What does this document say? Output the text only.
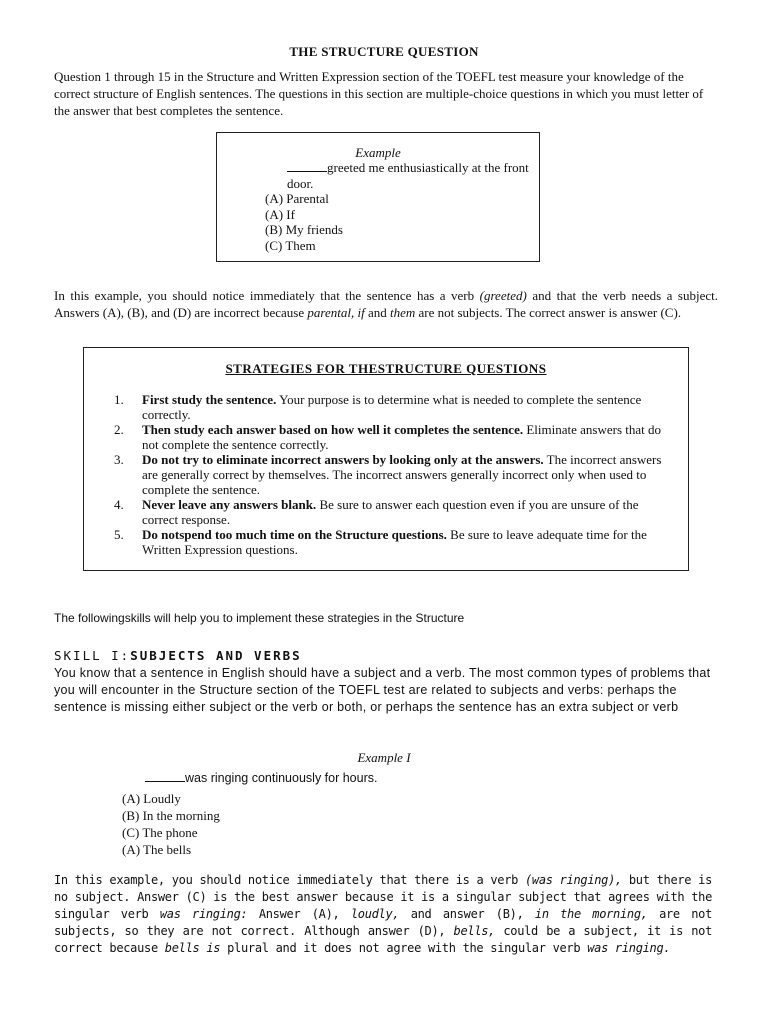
THE STRUCTURE QUESTION
Question 1 through 15 in the Structure and Written Expression section of the TOEFL test measure your knowledge of the correct structure of English sentences. The questions in this section are multiple-choice questions in which you must letter of the answer that best completes the sentence.
Example
greeted me enthusiastically at the front door.
(A) Parental
(A) If
(B) My friends
(C) Them
In this example, you should notice immediately that the sentence has a verb (greeted) and that the verb needs a subject. Answers (A), (B), and (D) are incorrect because parental, if and them are not subjects. The correct answer is answer (C).
STRATEGIES FOR THESTRUCTURE QUESTIONS
1. First study the sentence. Your purpose is to determine what is needed to complete the sentence correctly.
2. Then study each answer based on how well it completes the sentence. Eliminate answers that do not complete the sentence correctly.
3. Do not try to eliminate incorrect answers by looking only at the answers. The incorrect answers are generally correct by themselves. The incorrect answers generally incorrect only when used to complete the sentence.
4. Never leave any answers blank. Be sure to answer each question even if you are unsure of the correct response.
5. Do notspend too much time on the Structure questions. Be sure to leave adequate time for the Written Expression questions.
The followingskills will help you to implement these strategies in the Structure
SKILL I:SUBJECTS AND VERBS
You know that a sentence in English should have a subject and a verb. The most common types of problems that you will encounter in the Structure section of the TOEFL test are related to subjects and verbs: perhaps the sentence is missing either subject or the verb or both, or perhaps the sentence has an extra subject or verb
Example I
was ringing continuously for hours.
(A) Loudly
(B) In the morning
(C) The phone
(A) The bells
In this example, you should notice immediately that there is a verb (was ringing), but there is no subject. Answer (C) is the best answer because it is a singular subject that agrees with the singular verb was ringing: Answer (A), loudly, and answer (B), in the morning, are not subjects, so they are not correct. Although answer (D), bells, could be a subject, it is not correct because bells is plural and it does not agree with the singular verb was ringing.
